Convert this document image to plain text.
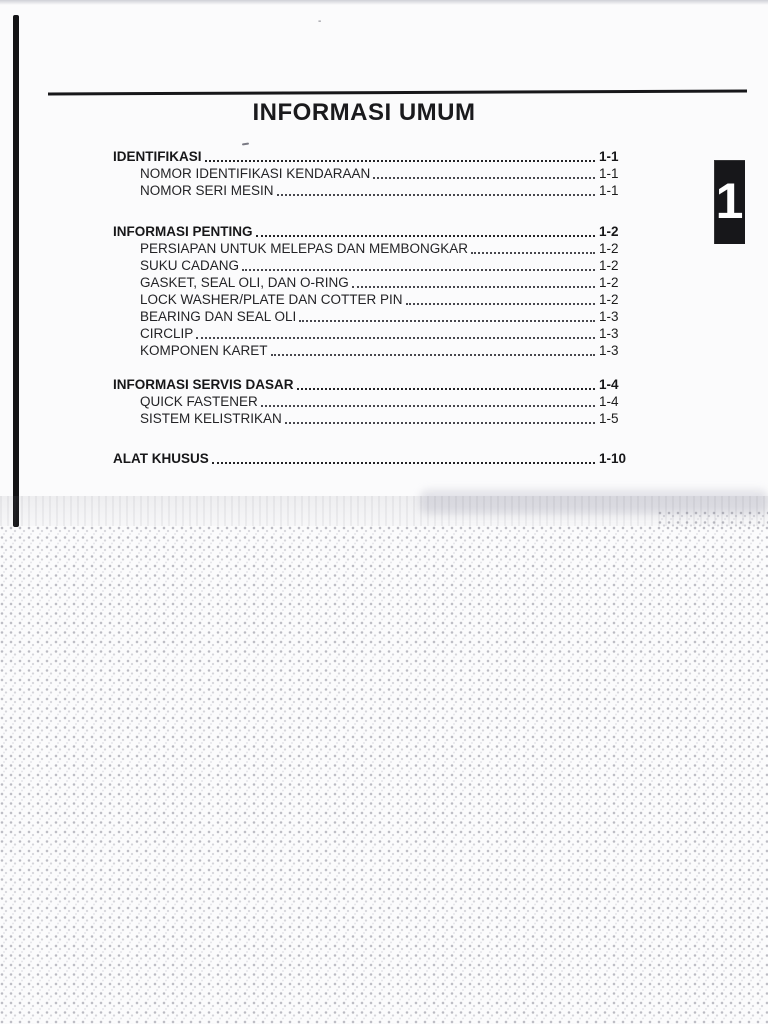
-
INFORMASI UMUM
1
IDENTIFIKASI	1-1
NOMOR IDENTIFIKASI KENDARAAN	1-1
NOMOR SERI MESIN	1-1
INFORMASI PENTING	1-2
PERSIAPAN UNTUK MELEPAS DAN MEMBONGKAR	1-2
SUKU CADANG	1-2
GASKET, SEAL OLI, DAN O-RING	1-2
LOCK WASHER/PLATE DAN COTTER PIN	1-2
BEARING DAN SEAL OLI	1-3
CIRCLIP	1-3
KOMPONEN KARET	1-3
INFORMASI SERVIS DASAR	1-4
QUICK FASTENER	1-4
SISTEM KELISTRIKAN	1-5
ALAT KHUSUS	1-10
